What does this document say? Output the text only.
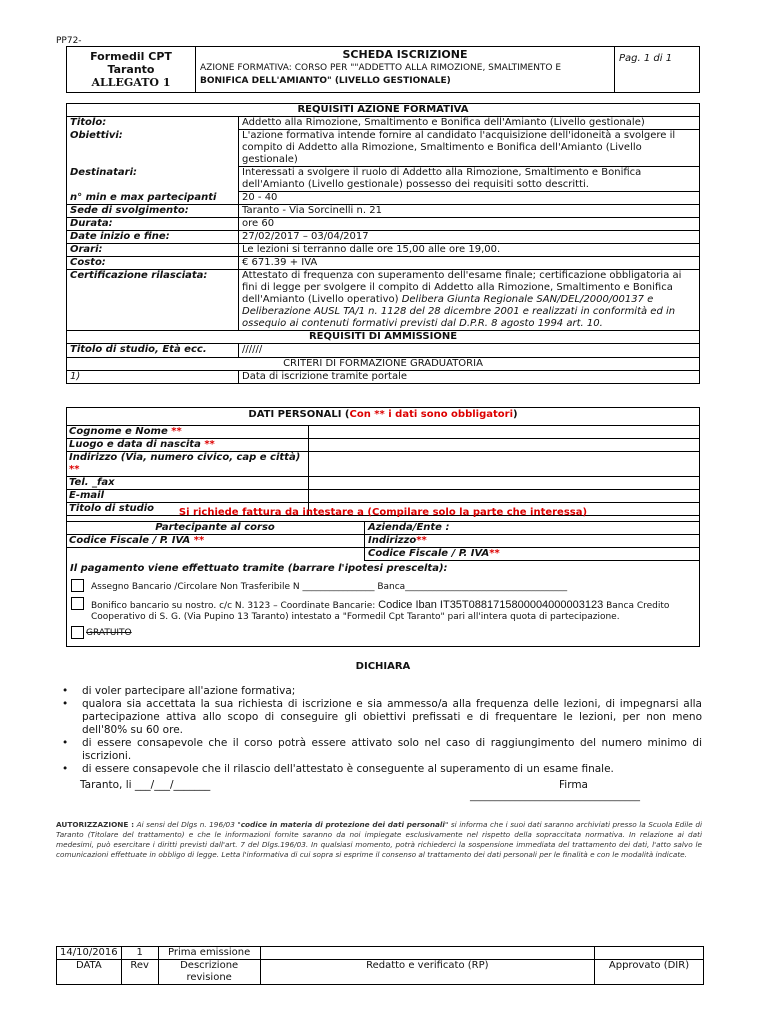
PP72-
Formedil CPT
Taranto
ALLEGATO 1

SCHEDA ISCRIZIONE
AZIONE FORMATIVA: CORSO PER ""ADDETTO ALLA RIMOZIONE, SMALTIMENTO E
BONIFICA DELL'AMIANTO" (LIVELLO GESTIONALE)
	Pag. 1 di 1
REQUISITI AZIONE FORMATIVA	
Titolo:	Addetto alla Rimozione, Smaltimento e Bonifica dell'Amianto (Livello gestionale)
Obiettivi:	L'azione formativa intende fornire al candidato l'acquisizione dell'idoneità a svolgere il compito di Addetto alla Rimozione, Smaltimento e Bonifica dell'Amianto (Livello gestionale)
Destinatari:	Interessati a svolgere il ruolo di Addetto alla Rimozione, Smaltimento e Bonifica dell'Amianto (Livello gestionale) possesso dei requisiti sotto descritti.
n° min e max partecipanti	20 - 40
Sede di svolgimento:	Taranto - Via Sorcinelli n. 21
Durata:	ore 60
Date inizio e fine:	27/02/2017 – 03/04/2017
Orari:	Le lezioni si terranno dalle ore 15,00 alle ore 19,00.
Costo:	€ 671.39 + IVA
Certificazione rilasciata:	Attestato di frequenza con superamento dell'esame finale; certificazione obbligatoria ai fini di legge per svolgere il compito di Addetto alla Rimozione, Smaltimento e Bonifica dell'Amianto (Livello operativo) Delibera Giunta Regionale SAN/DEL/2000/00137 e Deliberazione AUSL TA/1 n. 1128 del 28 dicembre 2001 e realizzati in conformità ed in ossequio ai contenuti formativi previsti dal D.P.R. 8 agosto 1994 art. 10.
REQUISITI DI AMMISSIONE	
Titolo di studio, Età ecc.	//////
CRITERI DI FORMAZIONE GRADUATORIA	
1)	Data di iscrizione tramite portale
DATI PERSONALI (Con ** i dati sono obbligatori)
Cognome e Nome **	
Luogo e data di nascita **	
Indirizzo (Via, numero civico, cap e città) **	
Tel. _fax	
E-mail	
Titolo di studio		Si richiede fattura da intestare a (Compilare solo la parte che interessa)
Partecipante al corso	Azienda/Ente :
Codice Fiscale / P. IVA **	Indirizzo**
	Codice Fiscale / P. IVA**
Il pagamento viene effettuato tramite (barrare l'ipotesi prescelta):
Assegno Bancario /Circolare Non Trasferibile N ________________ Banca____________________________________
Bonifico bancario su nostro. c/c N. 3123 – Coordinate Bancarie: Codice Iban IT35T0881715800004000003123 Banca Credito
Cooperativo di S. G. (Via Pupino 13 Taranto) intestato a "Formedil Cpt Taranto" pari all'intera quota di partecipazione.
GRATUITO
DICHIARA
• di voler partecipare all'azione formativa;
• qualora sia accettata la sua richiesta di iscrizione e sia ammesso/a alla frequenza delle lezioni, di impegnarsi alla partecipazione attiva allo scopo di conseguire gli obiettivi prefissati e di frequentare le lezioni, per non meno dell'80% su 60 ore.
• di essere consapevole che il corso potrà essere attivato solo nel caso di raggiungimento del numero minimo di iscrizioni.
• di essere consapevole che il rilascio dell'attestato è conseguente al superamento di un esame finale.
Taranto, li ___/___/_______	Firma
__________________________________
AUTORIZZAZIONE : Ai sensi del Dlgs n. 196/03 "codice in materia di protezione dei dati personali" si informa che i suoi dati saranno archiviati presso la Scuola Edile di Taranto (Titolare del trattamento) e che le informazioni fornite saranno da noi impiegate esclusivamente nel rispetto della sopraccitata normativa. In relazione ai dati medesimi, può esercitare i diritti previsti dall'art. 7 del Dlgs.196/03. In qualsiasi momento, potrà richiederci la sospensione immediata del trattamento dei dati, l'atto salvo le comunicazioni effettuate in obbligo di legge. Letta l'informativa di cui sopra si esprime il consenso al trattamento dei dati personali per le finalità e con le modalità indicate.
14/10/2016	1	Prima emissione		
DATA	Rev	Descrizione revisione	Redatto e verificato (RP)	Approvato (DIR)
